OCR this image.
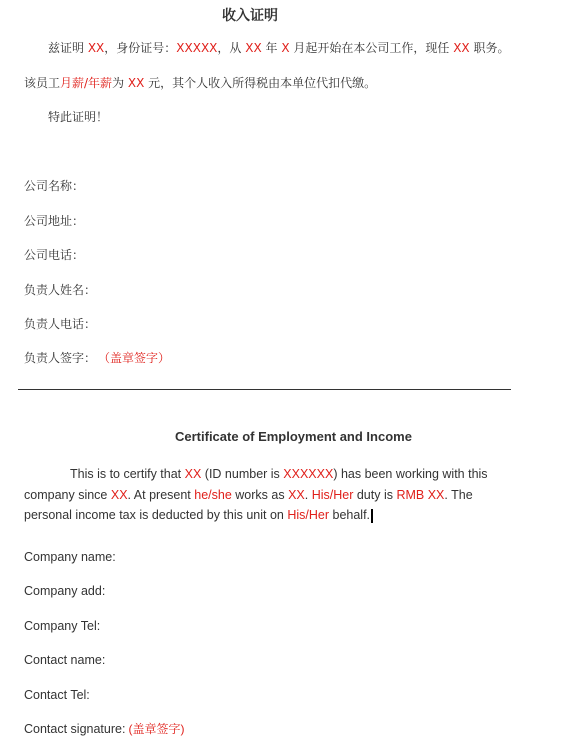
收入证明
兹证明 XX，身份证号：XXXXX，从 XX 年 X 月起开始在本公司工作，现任 XX 职务。
该员工月薪/年薪为 XX 元，其个人收入所得税由本单位代扣代缴。
特此证明！
公司名称：
公司地址：
公司电话：
负责人姓名：
负责人电话：
负责人签字： （盖章签字）
Certificate of Employment and Income
This is to certify that XX (ID number is XXXXXX) has been working with this company since XX. At present he/she works as XX. His/Her duty is RMB XX. The personal income tax is deducted by this unit on His/Her behalf.
Company name:
Company add:
Company Tel:
Contact name:
Contact Tel:
Contact signature: (盖章签字)
